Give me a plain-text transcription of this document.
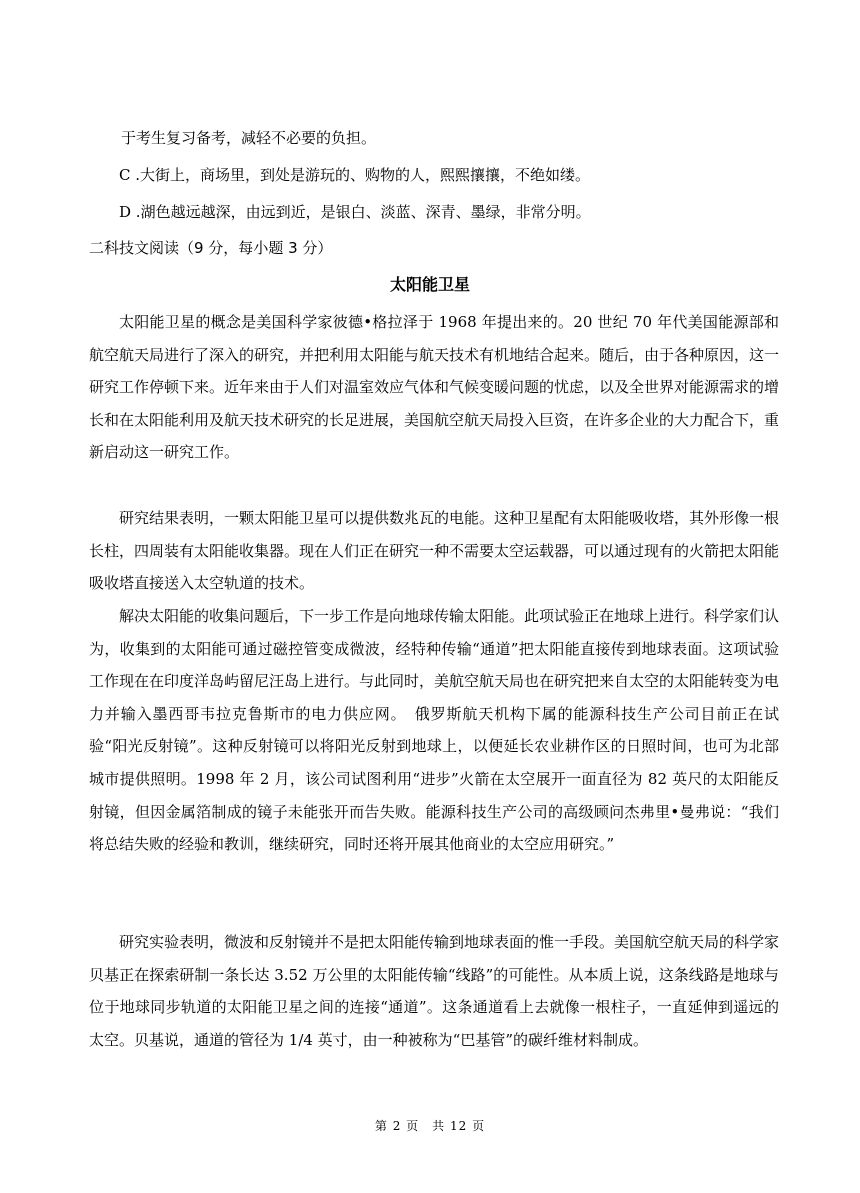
于考生复习备考，减轻不必要的负担。
C .大街上，商场里，到处是游玩的、购物的人，熙熙攘攘，不绝如缕。
D .湖色越远越深，由远到近，是银白、淡蓝、深青、墨绿，非常分明。
二科技文阅读（9 分，每小题 3 分）
太阳能卫星

太阳能卫星的概念是美国科学家彼德•格拉泽于 1968 年提出来的。20 世纪 70 年代美国能源部和航空航天局进行了深入的研究，并把利用太阳能与航天技术有机地结合起来。随后，由于各种原因，这一研究工作停顿下来。近年来由于人们对温室效应气体和气候变暖问题的忧虑，以及全世界对能源需求的增长和在太阳能利用及航天技术研究的长足进展，美国航空航天局投入巨资，在许多企业的大力配合下，重新启动这一研究工作。

研究结果表明，一颗太阳能卫星可以提供数兆瓦的电能。这种卫星配有太阳能吸收塔，其外形像一根长柱，四周装有太阳能收集器。现在人们正在研究一种不需要太空运载器，可以通过现有的火箭把太阳能吸收塔直接送入太空轨道的技术。

解决太阳能的收集问题后，下一步工作是向地球传输太阳能。此项试验正在地球上进行。科学家们认为，收集到的太阳能可通过磁控管变成微波，经特种传输“通道”把太阳能直接传到地球表面。这项试验工作现在在印度洋岛屿留尼汪岛上进行。与此同时，美航空航天局也在研究把来自太空的太阳能转变为电力并输入墨西哥韦拉克鲁斯市的电力供应网。　俄罗斯航天机构下属的能源科技生产公司目前正在试验“阳光反射镜”。这种反射镜可以将阳光反射到地球上，以便延长农业耕作区的日照时间，也可为北部城市提供照明。1998 年 2 月，该公司试图利用“进步”火箭在太空展开一面直径为 82 英尺的太阳能反射镜，但因金属箔制成的镜子未能张开而告失败。能源科技生产公司的高级顾问杰弗里•曼弗说：“我们将总结失败的经验和教训，继续研究，同时还将开展其他商业的太空应用研究。”

研究实验表明，微波和反射镜并不是把太阳能传输到地球表面的惟一手段。美国航空航天局的科学家贝基正在探索研制一条长达 3.52 万公里的太阳能传输“线路”的可能性。从本质上说，这条线路是地球与位于地球同步轨道的太阳能卫星之间的连接“通道”。这条通道看上去就像一根柱子，一直延伸到遥远的太空。贝基说，通道的管径为 1/4 英寸，由一种被称为“巴基管”的碳纤维材料制成。

第 2 页　共 12 页
